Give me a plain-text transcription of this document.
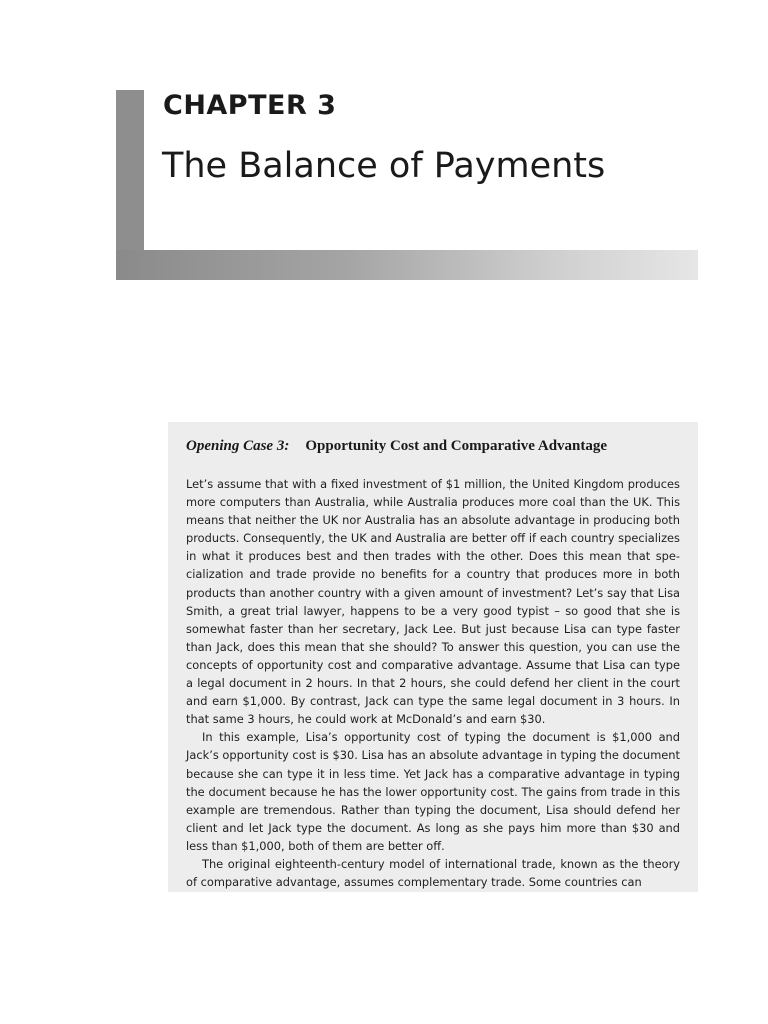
CHAPTER 3
The Balance of Payments
Opening Case 3: Opportunity Cost and Comparative Advantage

Let’s assume that with a fixed investment of $1 million, the United Kingdom produces more computers than Australia, while Australia produces more coal than the UK. This means that neither the UK nor Australia has an absolute advantage in producing both products. Consequently, the UK and Australia are better off if each country specializes in what it produces best and then trades with the other. Does this mean that specialization and trade provide no benefits for a country that produces more in both products than another country with a given amount of investment? Let’s say that Lisa Smith, a great trial lawyer, happens to be a very good typist – so good that she is somewhat faster than her secretary, Jack Lee. But just because Lisa can type faster than Jack, does this mean that she should? To answer this question, you can use the concepts of opportunity cost and comparative advantage. Assume that Lisa can type a legal document in 2 hours. In that 2 hours, she could defend her client in the court and earn $1,000. By contrast, Jack can type the same legal document in 3 hours. In that same 3 hours, he could work at McDonald’s and earn $30.

In this example, Lisa’s opportunity cost of typing the document is $1,000 and Jack’s opportunity cost is $30. Lisa has an absolute advantage in typing the document because she can type it in less time. Yet Jack has a comparative advantage in typing the document because he has the lower opportunity cost. The gains from trade in this example are tremendous. Rather than typing the document, Lisa should defend her client and let Jack type the document. As long as she pays him more than $30 and less than $1,000, both of them are better off.

The original eighteenth-century model of international trade, known as the theory of comparative advantage, assumes complementary trade. Some countries can
